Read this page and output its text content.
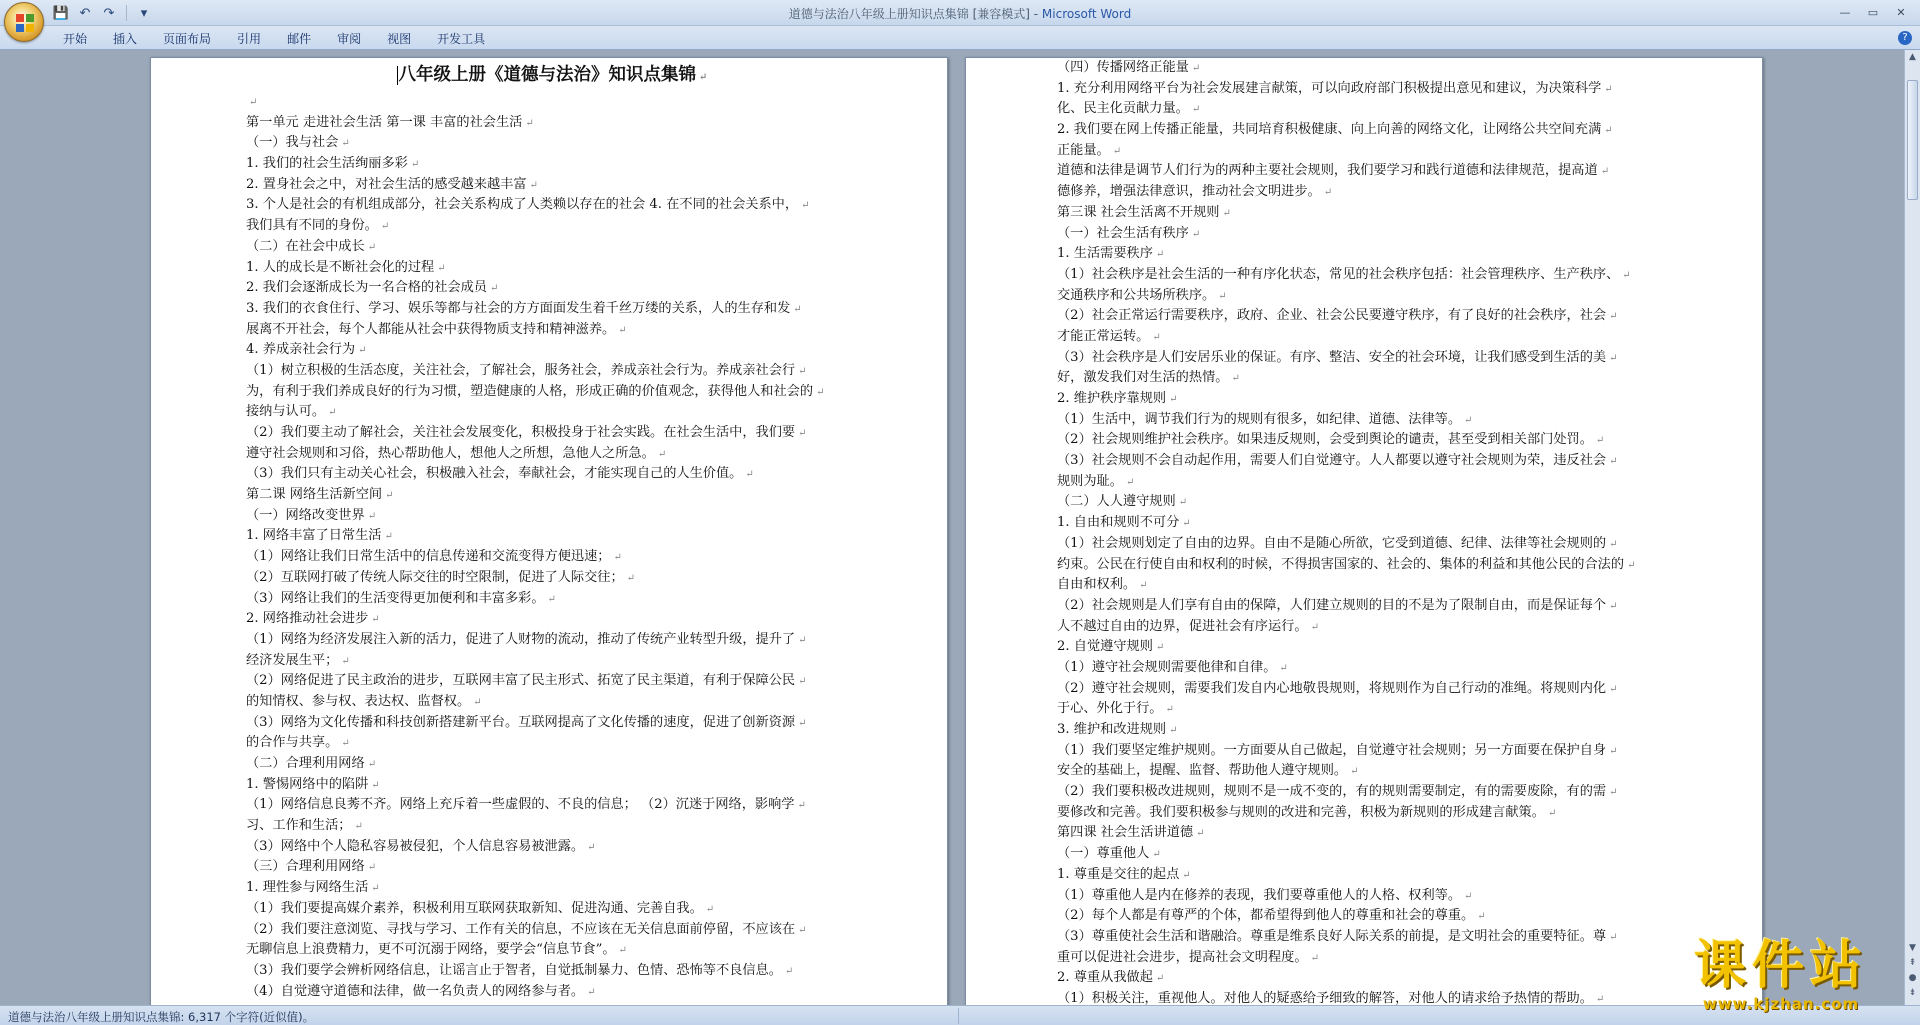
💾 ↶ ↷	▾	道德与法治八年级上册知识点集锦 [兼容模式] - Microsoft Word	—	▭	✕
开始	插入	页面布局	引用	邮件	审阅	视图	开发工具	?
八年级上册《道德与法治》知识点集锦 ↵
↵
第一单元 走进社会生活 第一课 丰富的社会生活 ↵
（一）我与社会 ↵
1. 我们的社会生活绚丽多彩 ↵
2. 置身社会之中，对社会生活的感受越来越丰富 ↵
3. 个人是社会的有机组成部分，社会关系构成了人类赖以存在的社会 4. 在不同的社会关系中， ↵
我们具有不同的身份。 ↵
（二）在社会中成长 ↵
1. 人的成长是不断社会化的过程 ↵
2. 我们会逐渐成长为一名合格的社会成员 ↵
3. 我们的衣食住行、学习、娱乐等都与社会的方方面面发生着千丝万缕的关系，人的生存和发 ↵
展离不开社会，每个人都能从社会中获得物质支持和精神滋养。 ↵
4. 养成亲社会行为 ↵
（1）树立积极的生活态度，关注社会，了解社会，服务社会，养成亲社会行为。养成亲社会行 ↵
为，有利于我们养成良好的行为习惯，塑造健康的人格，形成正确的价值观念，获得他人和社会的 ↵
接纳与认可。 ↵
（2）我们要主动了解社会，关注社会发展变化，积极投身于社会实践。在社会生活中，我们要 ↵
遵守社会规则和习俗，热心帮助他人，想他人之所想，急他人之所急。 ↵
（3）我们只有主动关心社会，积极融入社会，奉献社会，才能实现自己的人生价值。 ↵
第二课 网络生活新空间 ↵
（一）网络改变世界 ↵
1. 网络丰富了日常生活 ↵
（1）网络让我们日常生活中的信息传递和交流变得方便迅速； ↵
（2）互联网打破了传统人际交往的时空限制，促进了人际交往； ↵
（3）网络让我们的生活变得更加便利和丰富多彩。 ↵
2. 网络推动社会进步 ↵
（1）网络为经济发展注入新的活力，促进了人财物的流动，推动了传统产业转型升级，提升了 ↵
经济发展生平； ↵
（2）网络促进了民主政治的进步，互联网丰富了民主形式、拓宽了民主渠道，有利于保障公民 ↵
的知情权、参与权、表达权、监督权。 ↵
（3）网络为文化传播和科技创新搭建新平台。互联网提高了文化传播的速度，促进了创新资源 ↵
的合作与共享。 ↵
（二）合理利用网络 ↵
1. 警惕网络中的陷阱 ↵
（1）网络信息良莠不齐。网络上充斥着一些虚假的、不良的信息； （2）沉迷于网络，影响学 ↵
习、工作和生活； ↵
（3）网络中个人隐私容易被侵犯，个人信息容易被泄露。 ↵
（三）合理利用网络 ↵
1. 理性参与网络生活 ↵
（1）我们要提高媒介素养，积极利用互联网获取新知、促进沟通、完善自我。 ↵
（2）我们要注意浏览、寻找与学习、工作有关的信息，不应该在无关信息面前停留，不应该在 ↵
无聊信息上浪费精力，更不可沉溺于网络，要学会“信息节食”。 ↵
（3）我们要学会辨析网络信息，让谣言止于智者，自觉抵制暴力、色情、恐怖等不良信息。 ↵
（4）自觉遵守道德和法律，做一名负责人的网络参与者。 ↵
（四）传播网络正能量 ↵
1. 充分利用网络平台为社会发展建言献策，可以向政府部门积极提出意见和建议，为决策科学 ↵
化、民主化贡献力量。 ↵
2. 我们要在网上传播正能量，共同培育积极健康、向上向善的网络文化，让网络公共空间充满 ↵
正能量。 ↵
道德和法律是调节人们行为的两种主要社会规则，我们要学习和践行道德和法律规范，提高道 ↵
德修养，增强法律意识，推动社会文明进步。 ↵
第三课 社会生活离不开规则 ↵
（一）社会生活有秩序 ↵
1. 生活需要秩序 ↵
（1）社会秩序是社会生活的一种有序化状态，常见的社会秩序包括：社会管理秩序、生产秩序、 ↵
交通秩序和公共场所秩序。 ↵
（2）社会正常运行需要秩序，政府、企业、社会公民要遵守秩序，有了良好的社会秩序，社会 ↵
才能正常运转。 ↵
（3）社会秩序是人们安居乐业的保证。有序、整洁、安全的社会环境，让我们感受到生活的美 ↵
好，激发我们对生活的热情。 ↵
2. 维护秩序靠规则 ↵
（1）生活中，调节我们行为的规则有很多，如纪律、道德、法律等。 ↵
（2）社会规则维护社会秩序。如果违反规则，会受到舆论的谴责，甚至受到相关部门处罚。 ↵
（3）社会规则不会自动起作用，需要人们自觉遵守。人人都要以遵守社会规则为荣，违反社会 ↵
规则为耻。 ↵
（二）人人遵守规则 ↵
1. 自由和规则不可分 ↵
（1）社会规则划定了自由的边界。自由不是随心所欲，它受到道德、纪律、法律等社会规则的 ↵
约束。公民在行使自由和权利的时候，不得损害国家的、社会的、集体的利益和其他公民的合法的 ↵
自由和权利。 ↵
（2）社会规则是人们享有自由的保障，人们建立规则的目的不是为了限制自由，而是保证每个 ↵
人不越过自由的边界，促进社会有序运行。 ↵
2. 自觉遵守规则 ↵
（1）遵守社会规则需要他律和自律。 ↵
（2）遵守社会规则，需要我们发自内心地敬畏规则，将规则作为自己行动的准绳。将规则内化 ↵
于心、外化于行。 ↵
3. 维护和改进规则 ↵
（1）我们要坚定维护规则。一方面要从自己做起，自觉遵守社会规则；另一方面要在保护自身 ↵
安全的基础上，提醒、监督、帮助他人遵守规则。 ↵
（2）我们要积极改进规则，规则不是一成不变的，有的规则需要制定，有的需要废除，有的需 ↵
要修改和完善。我们要积极参与规则的改进和完善，积极为新规则的形成建言献策。 ↵
第四课 社会生活讲道德 ↵
（一）尊重他人 ↵
1. 尊重是交往的起点 ↵
（1）尊重他人是内在修养的表现，我们要尊重他人的人格、权利等。 ↵
（2）每个人都是有尊严的个体，都希望得到他人的尊重和社会的尊重。 ↵
（3）尊重使社会生活和谐融洽。尊重是维系良好人际关系的前提，是文明社会的重要特征。尊 ↵
重可以促进社会进步，提高社会文明程度。 ↵
2. 尊重从我做起 ↵
（1）积极关注，重视他人。对他人的疑惑给予细致的解答，对他人的请求给予热情的帮助。 ↵
▲
▼
⇞
●
⇟
道德与法治八年级上册知识点集锦: 6,317 个字符(近似值)。
课件站
www.kjzhan.com
